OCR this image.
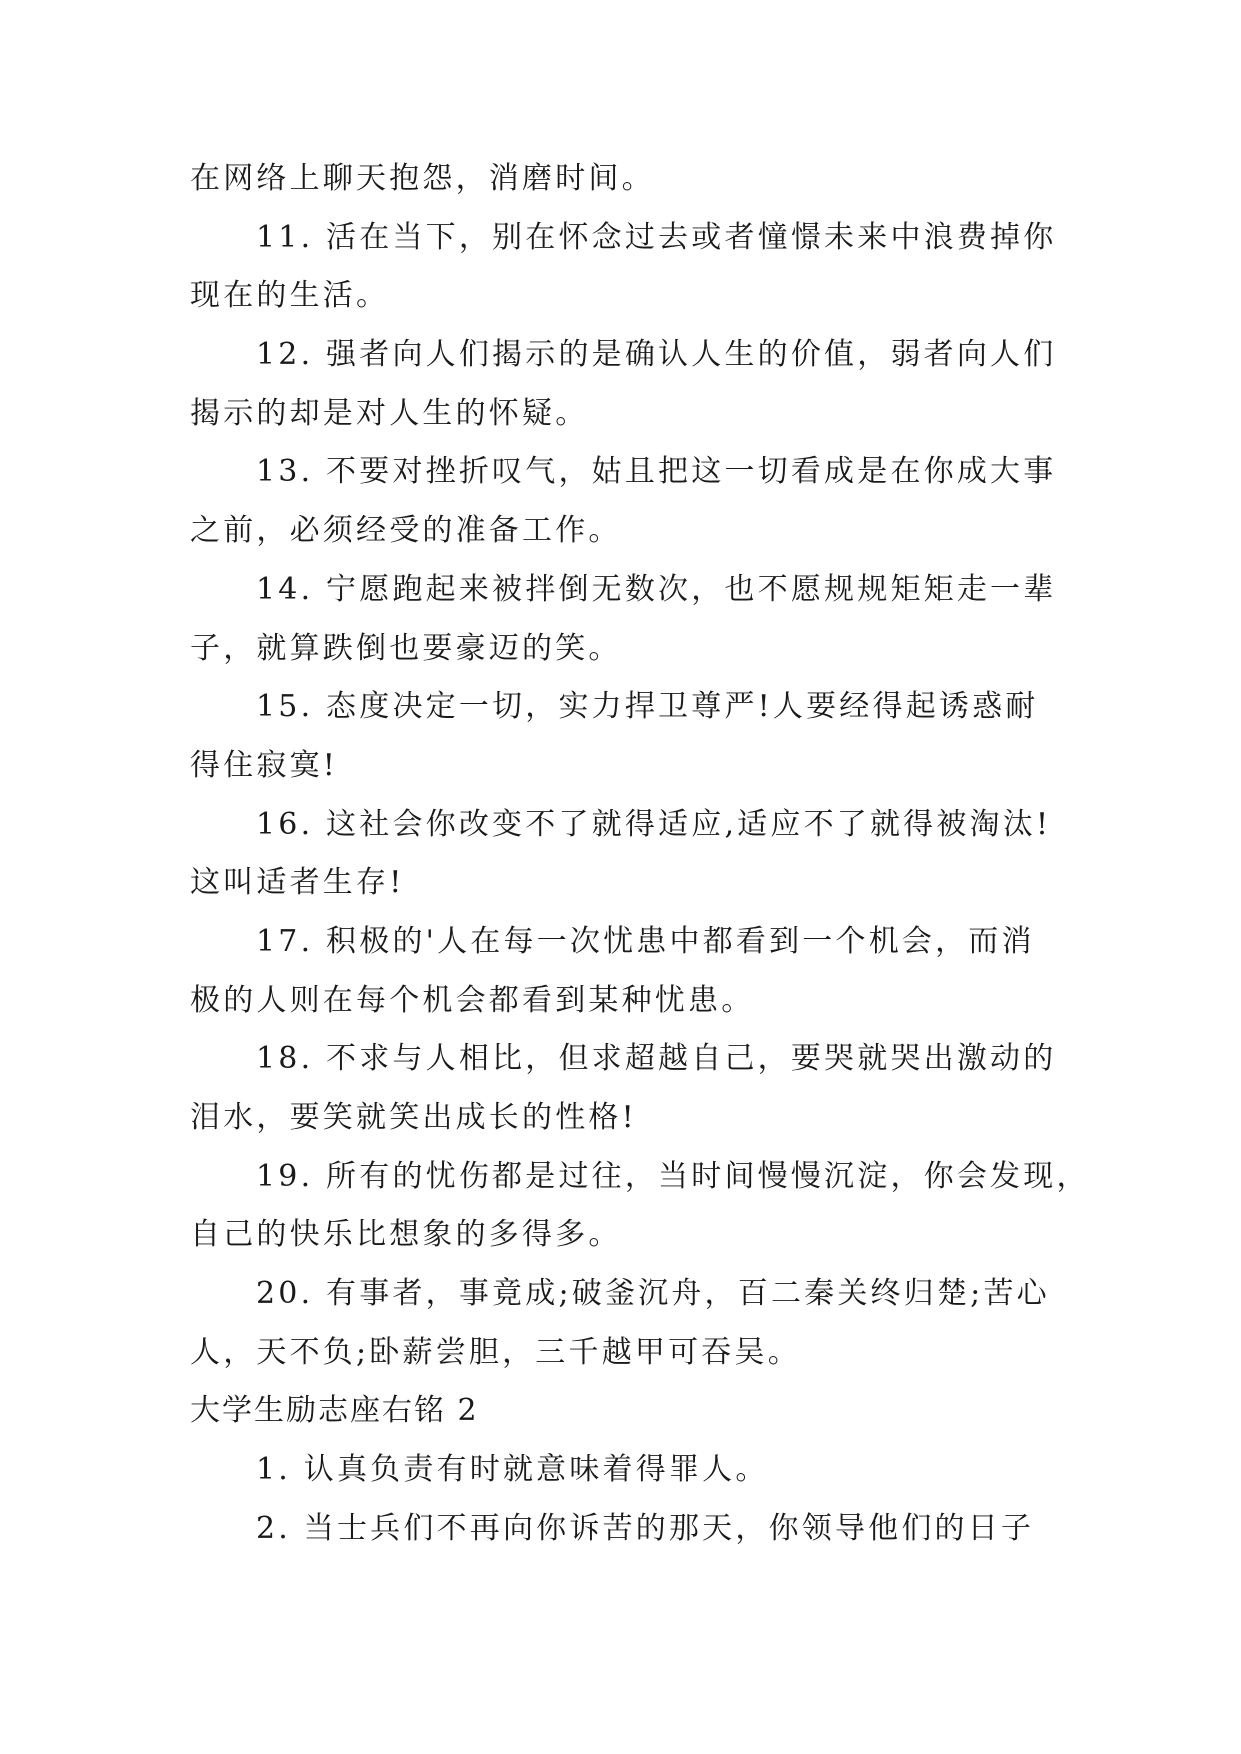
在网络上聊天抱怨，消磨时间。
11. 活在当下，别在怀念过去或者憧憬未来中浪费掉你
现在的生活。
12. 强者向人们揭示的是确认人生的价值，弱者向人们
揭示的却是对人生的怀疑。
13. 不要对挫折叹气，姑且把这一切看成是在你成大事
之前，必须经受的准备工作。
14. 宁愿跑起来被拌倒无数次，也不愿规规矩矩走一辈
子，就算跌倒也要豪迈的笑。
15. 态度决定一切，实力捍卫尊严!人要经得起诱惑耐
得住寂寞!
16. 这社会你改变不了就得适应,适应不了就得被淘汰!
这叫适者生存!
17. 积极的'人在每一次忧患中都看到一个机会，而消
极的人则在每个机会都看到某种忧患。
18. 不求与人相比，但求超越自己，要哭就哭出激动的
泪水，要笑就笑出成长的性格!
19. 所有的忧伤都是过往，当时间慢慢沉淀，你会发现，
自己的快乐比想象的多得多。
20. 有事者，事竟成;破釜沉舟，百二秦关终归楚;苦心
人，天不负;卧薪尝胆，三千越甲可吞吴。
大学生励志座右铭 2
1. 认真负责有时就意味着得罪人。
2. 当士兵们不再向你诉苦的那天，你领导他们的日子
